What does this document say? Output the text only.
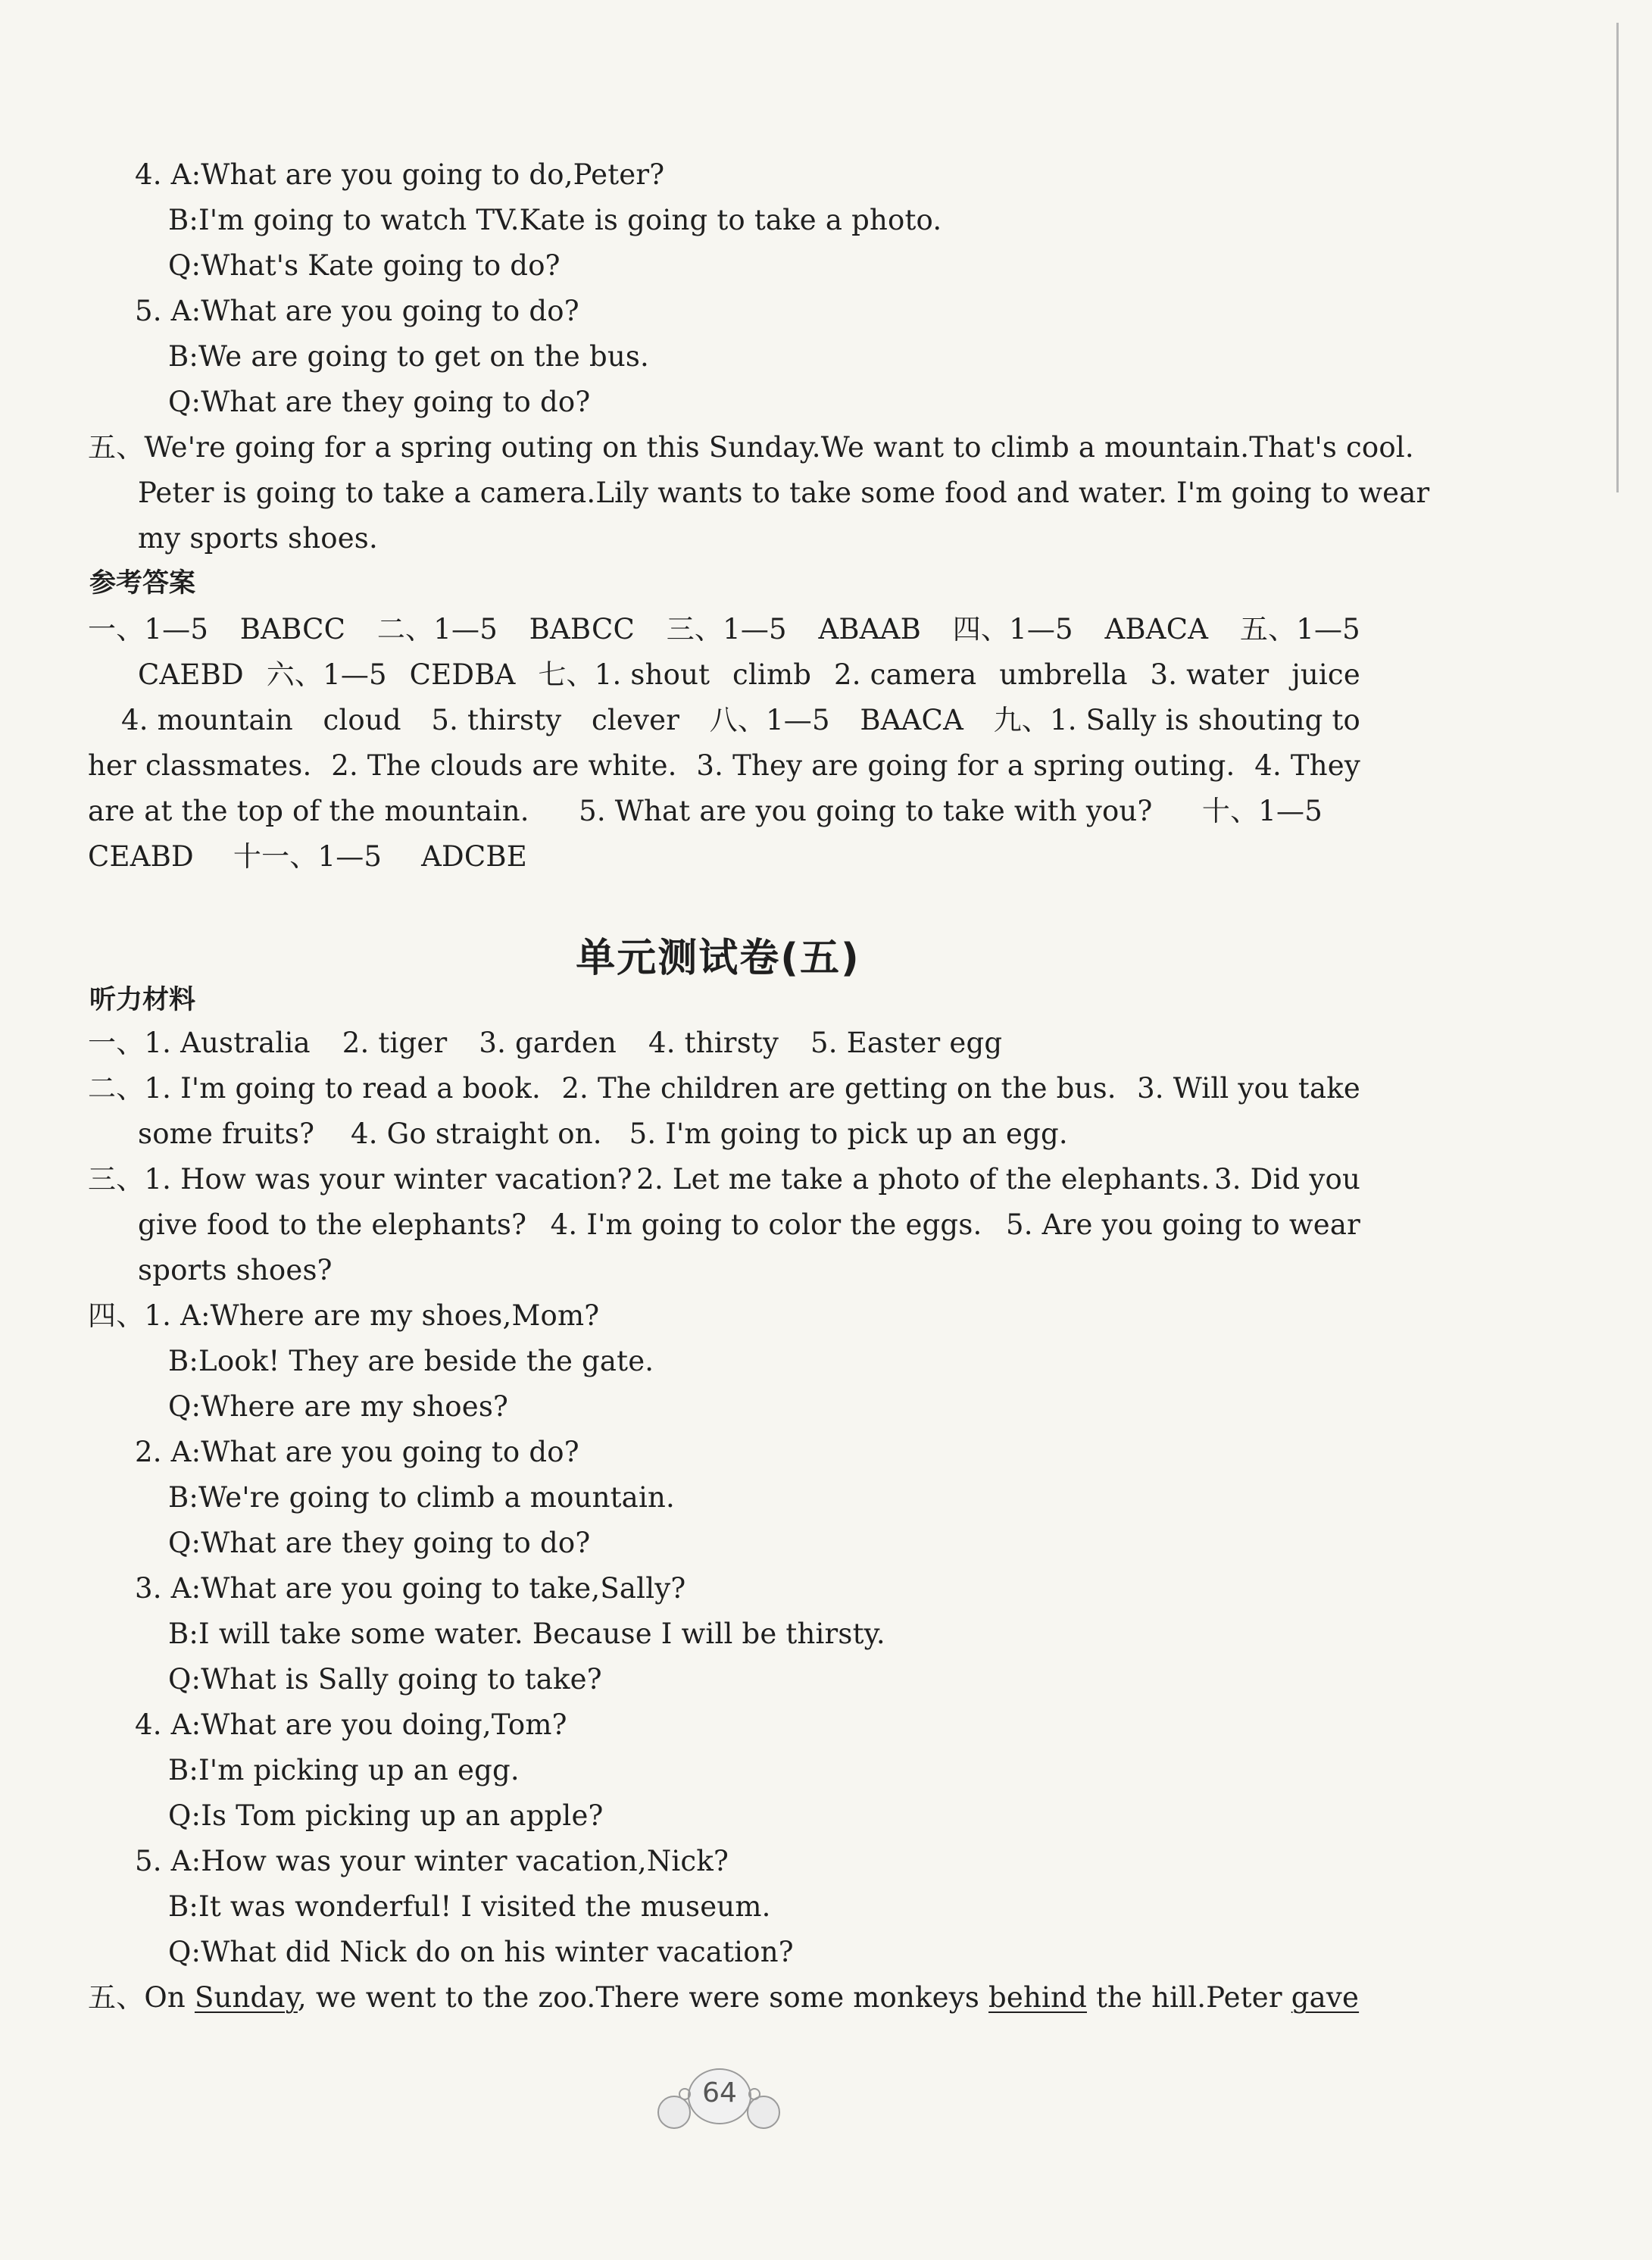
4. A:What are you going to do,Peter?
B:I'm going to watch TV.Kate is going to take a photo.
Q:What's Kate going to do?
5. A:What are you going to do?
B:We are going to get on the bus.
Q:What are they going to do?
五、We're going for a spring outing on this Sunday.We want to climb a mountain.That's cool.
Peter is going to take a camera.Lily wants to take some food and water. I'm going to wear
my sports shoes.
参考答案
一、1—5 BABCC 二、1—5 BABCC 三、1—5 ABAAB 四、1—5 ABACA 五、1—5
CAEBD 六、1—5 CEDBA 七、1. shout climb 2. camera umbrella 3. water juice
4. mountain cloud 5. thirsty clever 八、1—5 BAACA 九、1. Sally is shouting to
her classmates. 2. The clouds are white. 3. They are going for a spring outing. 4. They
are at the top of the mountain. 5. What are you going to take with you? 十、1—5
CEABD 十一、1—5 ADCBE
单元测试卷(五)
听力材料
一、1. Australia 2. tiger 3. garden 4. thirsty 5. Easter egg
二、1. I'm going to read a book. 2. The children are getting on the bus. 3. Will you take
some fruits?    4. Go straight on.   5. I'm going to pick up an egg.
三、1. How was your winter vacation? 2. Let me take a photo of the elephants. 3. Did you
give food to the elephants? 4. I'm going to color the eggs. 5. Are you going to wear
sports shoes?
四、1. A:Where are my shoes,Mom?
B:Look! They are beside the gate.
Q:Where are my shoes?
2. A:What are you going to do?
B:We're going to climb a mountain.
Q:What are they going to do?
3. A:What are you going to take,Sally?
B:I will take some water. Because I will be thirsty.
Q:What is Sally going to take?
4. A:What are you doing,Tom?
B:I'm picking up an egg.
Q:Is Tom picking up an apple?
5. A:How was your winter vacation,Nick?
B:It was wonderful! I visited the museum.
Q:What did Nick do on his winter vacation?
五、On Sunday, we went to the zoo.There were some monkeys behind the hill.Peter gave
64
